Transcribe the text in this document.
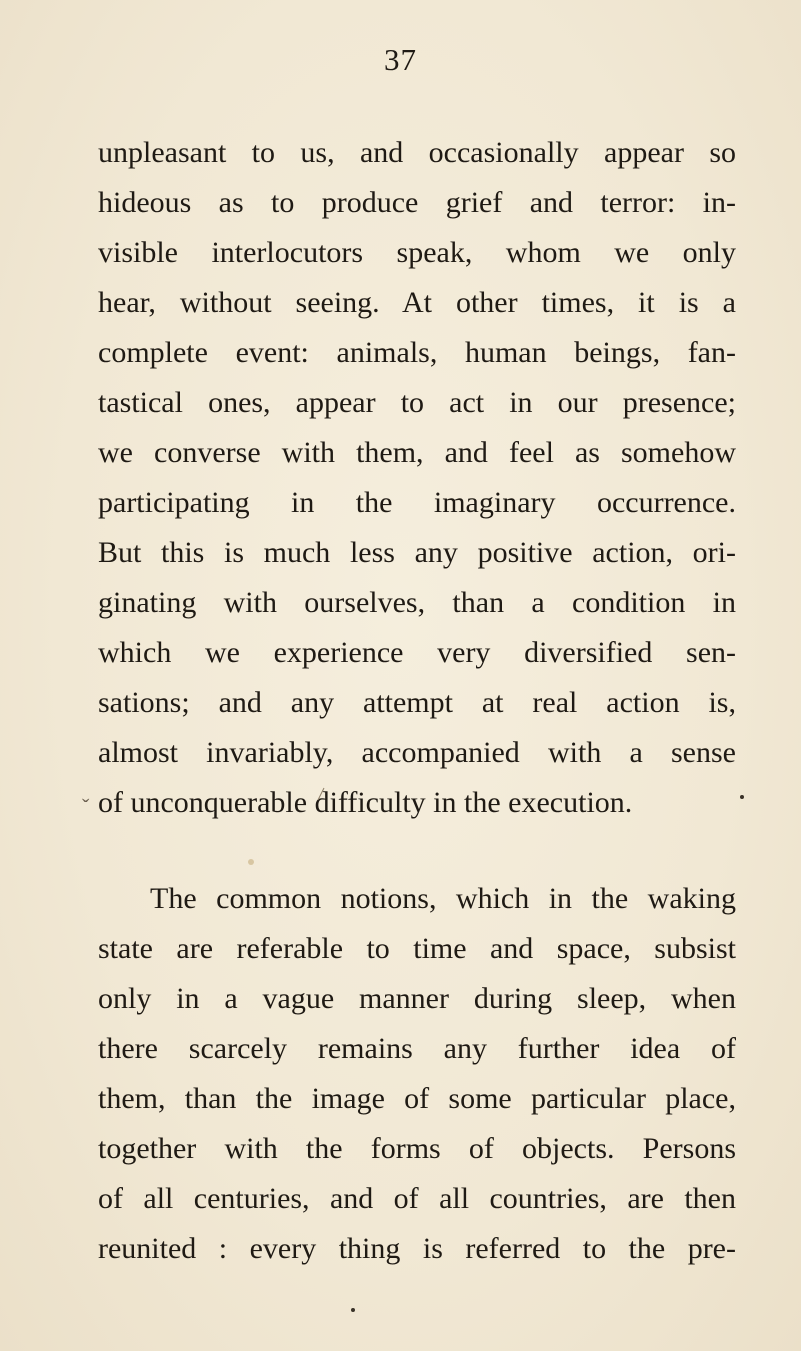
37
unpleasant to us, and occasionally appear so
hideous as to produce grief and terror: in-
visible interlocutors speak, whom we only
hear, without seeing. At other times, it is a
complete event: animals, human beings, fan-
tastical ones, appear to act in our presence;
we converse with them, and feel as somehow
participating in the imaginary occurrence.
But this is much less any positive action, ori-
ginating with ourselves, than a condition in
which we experience very diversified sen-
sations; and any attempt at real action is,
almost invariably, accompanied with a sense
of unconquerable difficulty in the execution.
The common notions, which in the waking
state are referable to time and space, subsist
only in a vague manner during sleep, when
there scarcely remains any further idea of
them, than the image of some particular place,
together with the forms of objects. Persons
of all centuries, and of all countries, are then
reunited : every thing is referred to the pre-
ˇ
